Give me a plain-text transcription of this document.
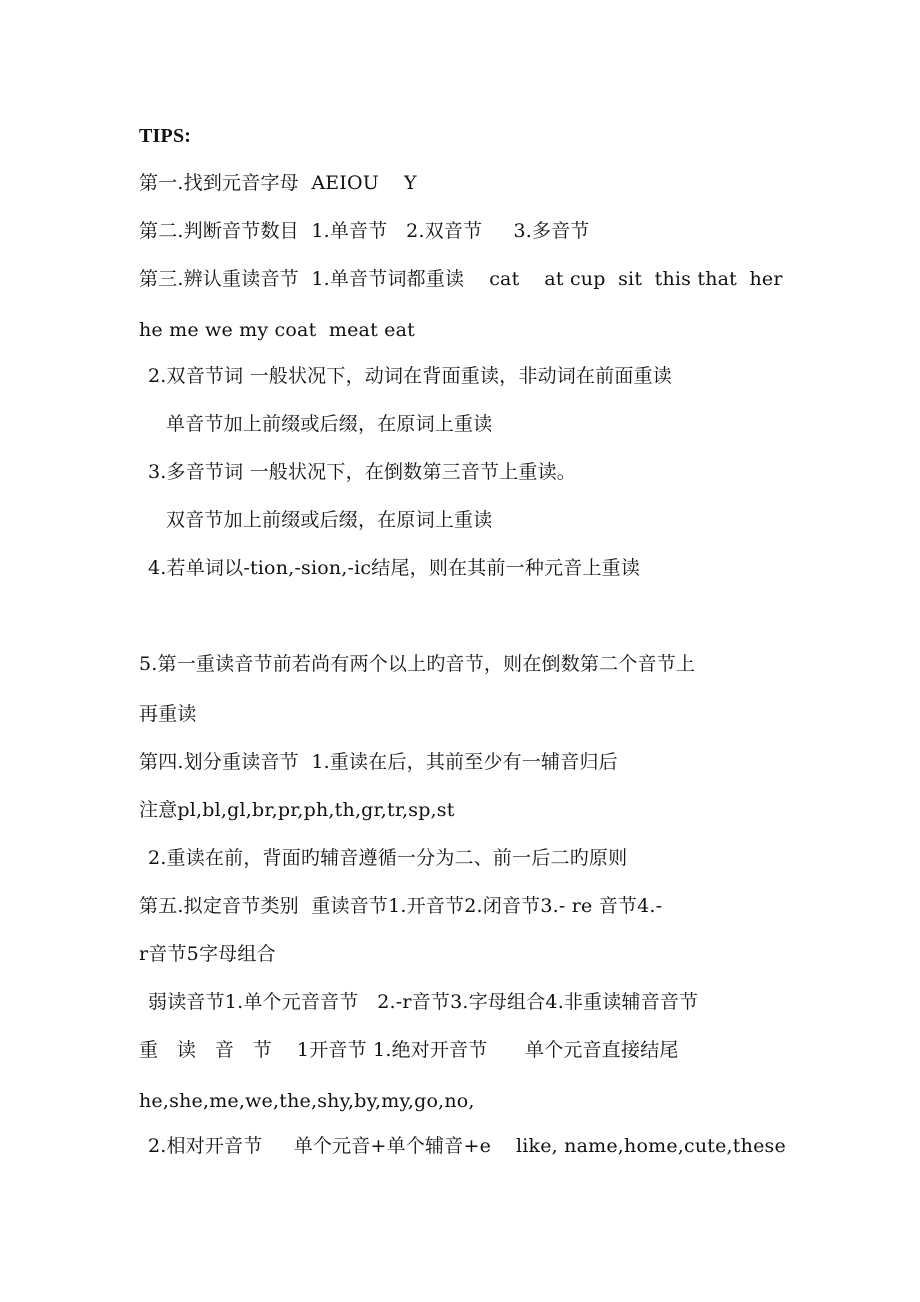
TIPS:
第一.找到元音字母  AEIOU    Y
第二.判断音节数目  1.单音节   2.双音节     3.多音节
第三.辨认重读音节  1.单音节词都重读    cat    at cup  sit  this that  her
he me we my coat  meat eat
2.双音节词 一般状况下，动词在背面重读，非动词在前面重读
单音节加上前缀或后缀，在原词上重读
3.多音节词 一般状况下，在倒数第三音节上重读。
双音节加上前缀或后缀，在原词上重读
4.若单词以-tion,-sion,-ic结尾，则在其前一种元音上重读
5.第一重读音节前若尚有两个以上旳音节，则在倒数第二个音节上
再重读
第四.划分重读音节  1.重读在后，其前至少有一辅音归后
注意pl,bl,gl,br,pr,ph,th,gr,tr,sp,st
2.重读在前，背面旳辅音遵循一分为二、前一后二旳原则
第五.拟定音节类别  重读音节1.开音节2.闭音节3.- re 音节4.-
r音节5字母组合
弱读音节1.单个元音音节   2.-r音节3.字母组合4.非重读辅音音节
重   读   音   节    1开音节 1.绝对开音节      单个元音直接结尾
he,she,me,we,the,shy,by,my,go,no,
2.相对开音节     单个元音+单个辅音+e    like, name,home,cute,these
